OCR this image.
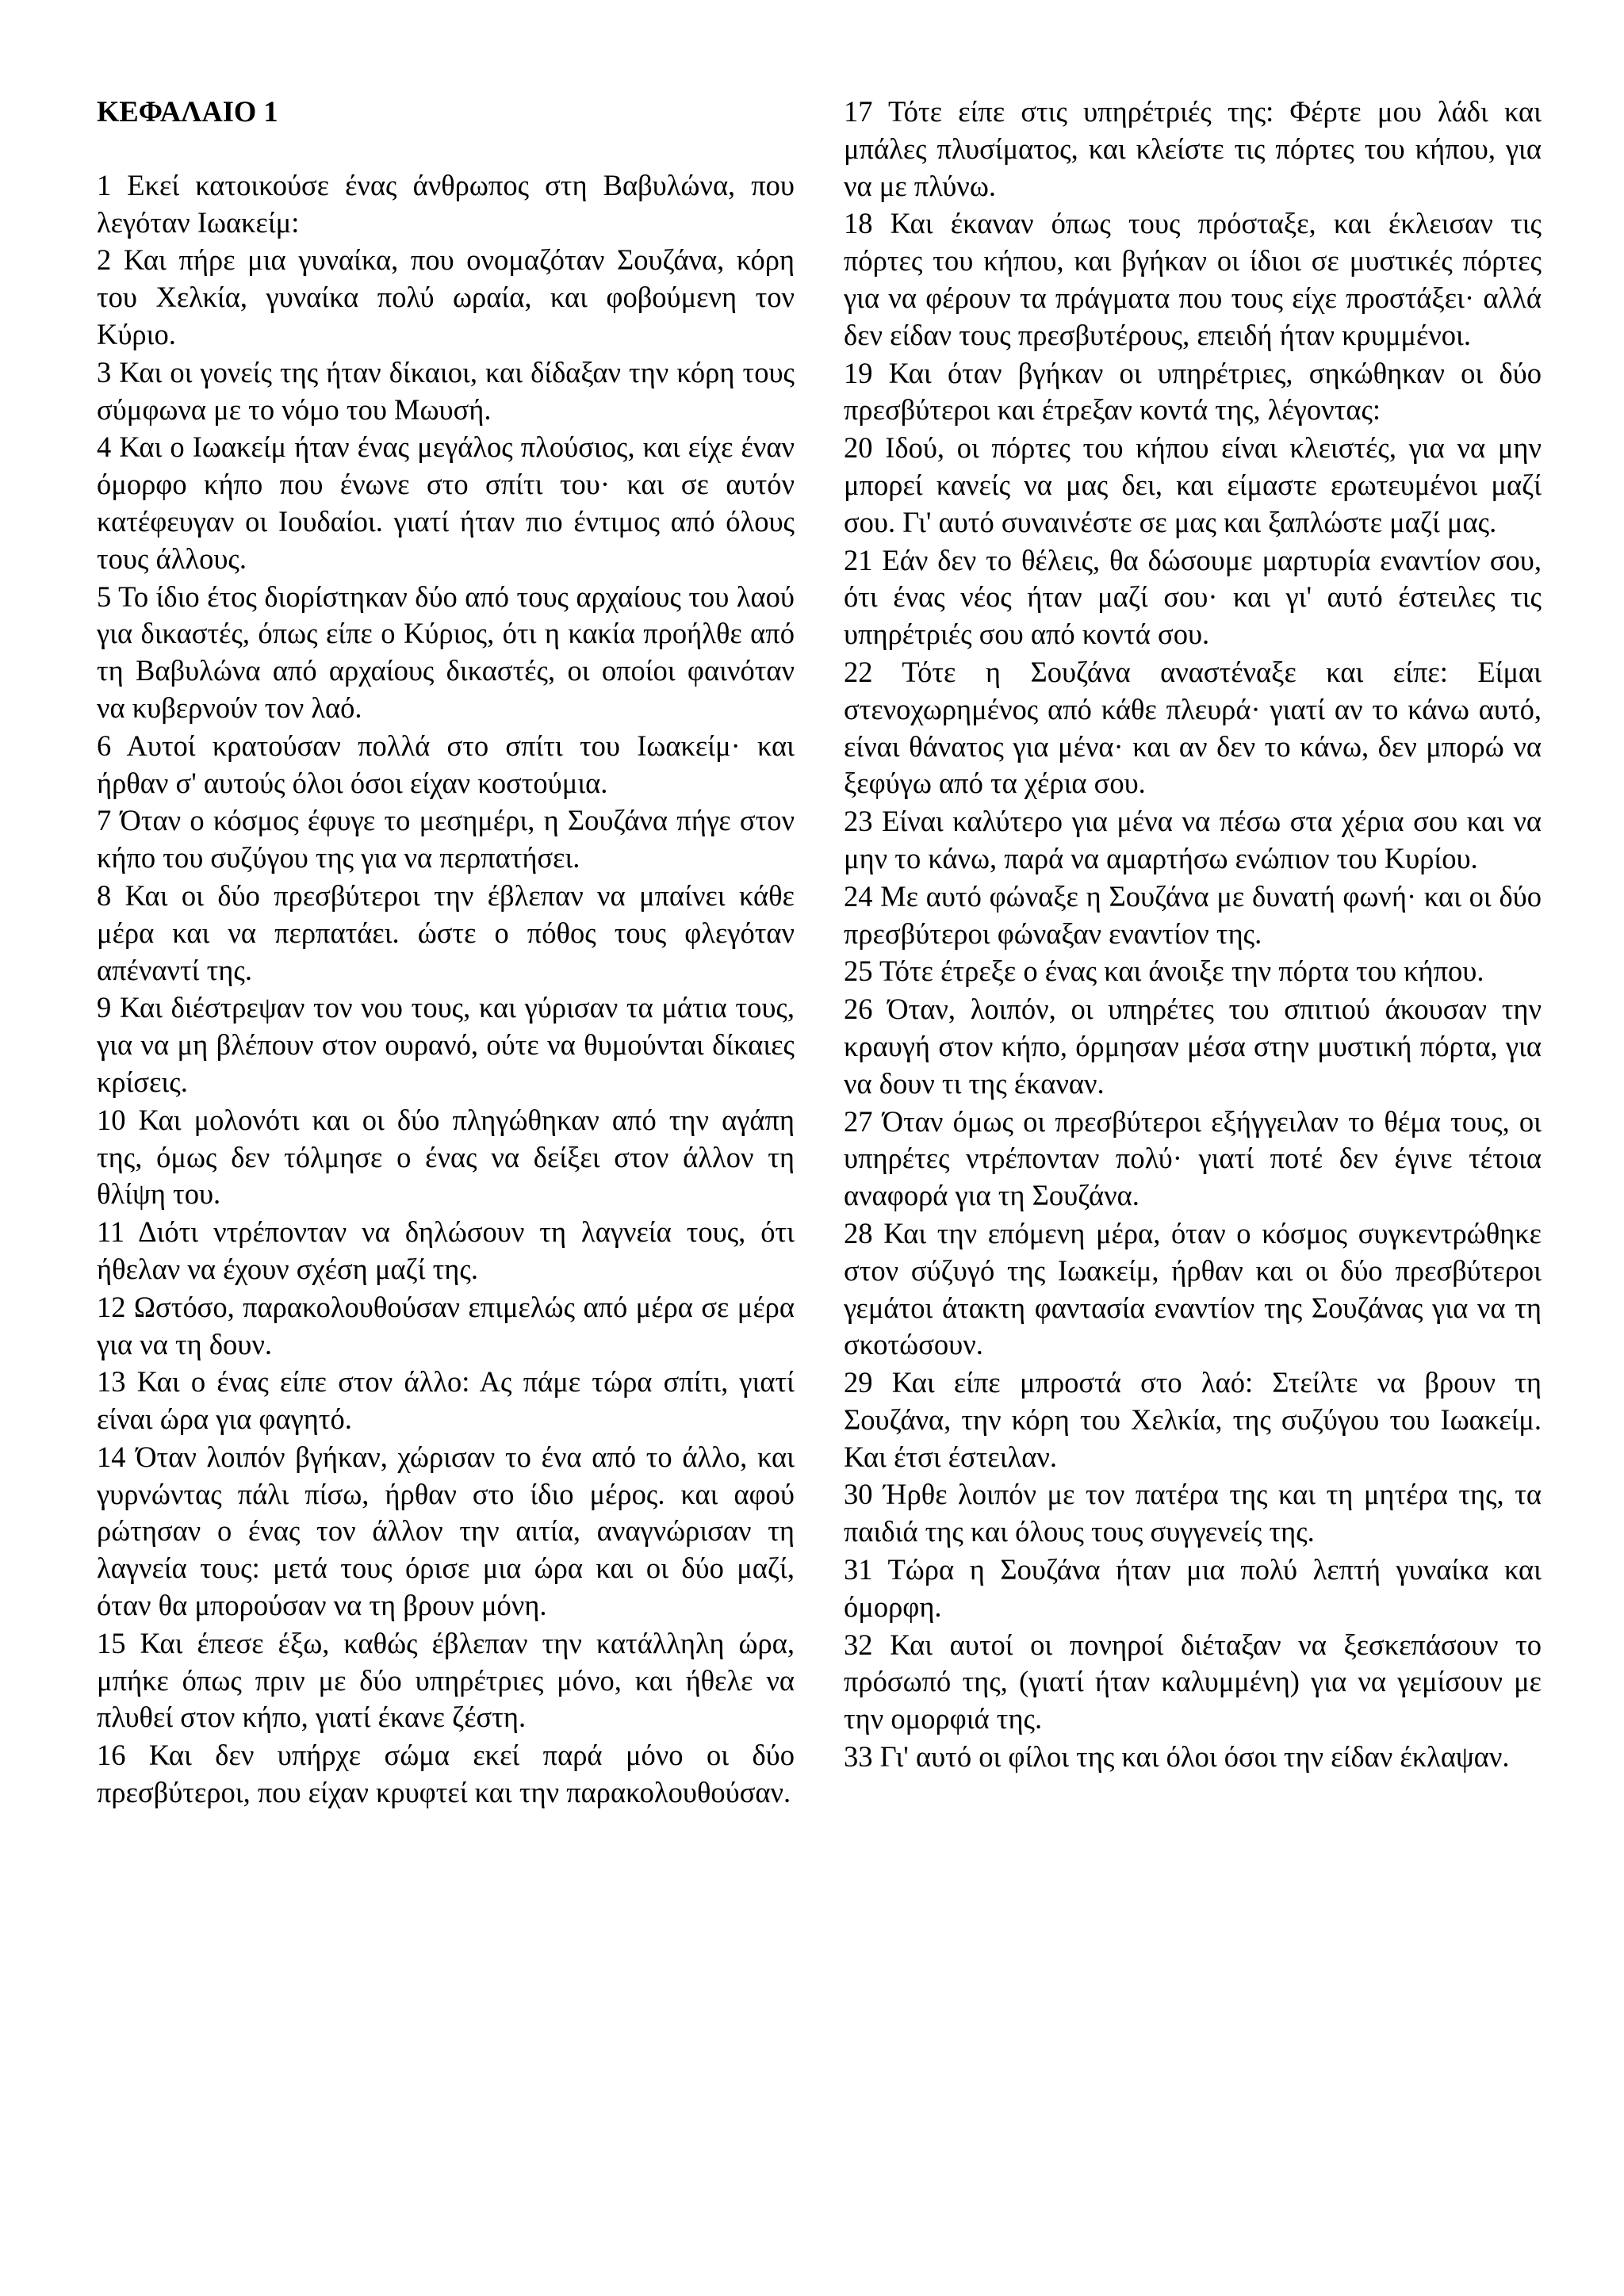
ΚΕΦΑΛΑΙΟ 1

1 Εκεί κατοικούσε ένας άνθρωπος στη Βαβυλώνα, που λεγόταν Ιωακείμ:

2 Και πήρε μια γυναίκα, που ονομαζόταν Σουζάνα, κόρη του Χελκία, γυναίκα πολύ ωραία, και φοβούμενη τον Κύριο.

3 Και οι γονείς της ήταν δίκαιοι, και δίδαξαν την κόρη τους σύμφωνα με το νόμο του Μωυσή.

4 Και ο Ιωακείμ ήταν ένας μεγάλος πλούσιος, και είχε έναν όμορφο κήπο που ένωνε στο σπίτι του· και σε αυτόν κατέφευγαν οι Ιουδαίοι. γιατί ήταν πιο έντιμος από όλους τους άλλους.

5 Το ίδιο έτος διορίστηκαν δύο από τους αρχαίους του λαού για δικαστές, όπως είπε ο Κύριος, ότι η κακία προήλθε από τη Βαβυλώνα από αρχαίους δικαστές, οι οποίοι φαινόταν να κυβερνούν τον λαό.

6 Αυτοί κρατούσαν πολλά στο σπίτι του Ιωακείμ· και ήρθαν σ' αυτούς όλοι όσοι είχαν κοστούμια.

7 Όταν ο κόσμος έφυγε το μεσημέρι, η Σουζάνα πήγε στον κήπο του συζύγου της για να περπατήσει.

8 Και οι δύο πρεσβύτεροι την έβλεπαν να μπαίνει κάθε μέρα και να περπατάει. ώστε ο πόθος τους φλεγόταν απέναντί της.

9 Και διέστρεψαν τον νου τους, και γύρισαν τα μάτια τους, για να μη βλέπουν στον ουρανό, ούτε να θυμούνται δίκαιες κρίσεις.

10 Και μολονότι και οι δύο πληγώθηκαν από την αγάπη της, όμως δεν τόλμησε ο ένας να δείξει στον άλλον τη θλίψη του.

11 Διότι ντρέπονταν να δηλώσουν τη λαγνεία τους, ότι ήθελαν να έχουν σχέση μαζί της.

12 Ωστόσο, παρακολουθούσαν επιμελώς από μέρα σε μέρα για να τη δουν.

13 Και ο ένας είπε στον άλλο: Ας πάμε τώρα σπίτι, γιατί είναι ώρα για φαγητό.

14 Όταν λοιπόν βγήκαν, χώρισαν το ένα από το άλλο, και γυρνώντας πάλι πίσω, ήρθαν στο ίδιο μέρος. και αφού ρώτησαν ο ένας τον άλλον την αιτία, αναγνώρισαν τη λαγνεία τους: μετά τους όρισε μια ώρα και οι δύο μαζί, όταν θα μπορούσαν να τη βρουν μόνη.

15 Και έπεσε έξω, καθώς έβλεπαν την κατάλληλη ώρα, μπήκε όπως πριν με δύο υπηρέτριες μόνο, και ήθελε να πλυθεί στον κήπο, γιατί έκανε ζέστη.

16 Και δεν υπήρχε σώμα εκεί παρά μόνο οι δύο πρεσβύτεροι, που είχαν κρυφτεί και την παρακολουθούσαν.

17 Τότε είπε στις υπηρέτριές της: Φέρτε μου λάδι και μπάλες πλυσίματος, και κλείστε τις πόρτες του κήπου, για να με πλύνω.

18 Και έκαναν όπως τους πρόσταξε, και έκλεισαν τις πόρτες του κήπου, και βγήκαν οι ίδιοι σε μυστικές πόρτες για να φέρουν τα πράγματα που τους είχε προστάξει· αλλά δεν είδαν τους πρεσβυτέρους, επειδή ήταν κρυμμένοι.

19 Και όταν βγήκαν οι υπηρέτριες, σηκώθηκαν οι δύο πρεσβύτεροι και έτρεξαν κοντά της, λέγοντας:

20 Ιδού, οι πόρτες του κήπου είναι κλειστές, για να μην μπορεί κανείς να μας δει, και είμαστε ερωτευμένοι μαζί σου. Γι' αυτό συναινέστε σε μας και ξαπλώστε μαζί μας.

21 Εάν δεν το θέλεις, θα δώσουμε μαρτυρία εναντίον σου, ότι ένας νέος ήταν μαζί σου· και γι' αυτό έστειλες τις υπηρέτριές σου από κοντά σου.

22 Τότε η Σουζάνα αναστέναξε και είπε: Είμαι στενοχωρημένος από κάθε πλευρά· γιατί αν το κάνω αυτό, είναι θάνατος για μένα· και αν δεν το κάνω, δεν μπορώ να ξεφύγω από τα χέρια σου.

23 Είναι καλύτερο για μένα να πέσω στα χέρια σου και να μην το κάνω, παρά να αμαρτήσω ενώπιον του Κυρίου.

24 Με αυτό φώναξε η Σουζάνα με δυνατή φωνή· και οι δύο πρεσβύτεροι φώναξαν εναντίον της.

25 Τότε έτρεξε ο ένας και άνοιξε την πόρτα του κήπου.

26 Όταν, λοιπόν, οι υπηρέτες του σπιτιού άκουσαν την κραυγή στον κήπο, όρμησαν μέσα στην μυστική πόρτα, για να δουν τι της έκαναν.

27 Όταν όμως οι πρεσβύτεροι εξήγγειλαν το θέμα τους, οι υπηρέτες ντρέπονταν πολύ· γιατί ποτέ δεν έγινε τέτοια αναφορά για τη Σουζάνα.

28 Και την επόμενη μέρα, όταν ο κόσμος συγκεντρώθηκε στον σύζυγό της Ιωακείμ, ήρθαν και οι δύο πρεσβύτεροι γεμάτοι άτακτη φαντασία εναντίον της Σουζάνας για να τη σκοτώσουν.

29 Και είπε μπροστά στο λαό: Στείλτε να βρουν τη Σουζάνα, την κόρη του Χελκία, της συζύγου του Ιωακείμ. Και έτσι έστειλαν.

30 Ήρθε λοιπόν με τον πατέρα της και τη μητέρα της, τα παιδιά της και όλους τους συγγενείς της.

31 Τώρα η Σουζάνα ήταν μια πολύ λεπτή γυναίκα και όμορφη.

32 Και αυτοί οι πονηροί διέταξαν να ξεσκεπάσουν το πρόσωπό της, (γιατί ήταν καλυμμένη) για να γεμίσουν με την ομορφιά της.

33 Γι' αυτό οι φίλοι της και όλοι όσοι την είδαν έκλαψαν.
